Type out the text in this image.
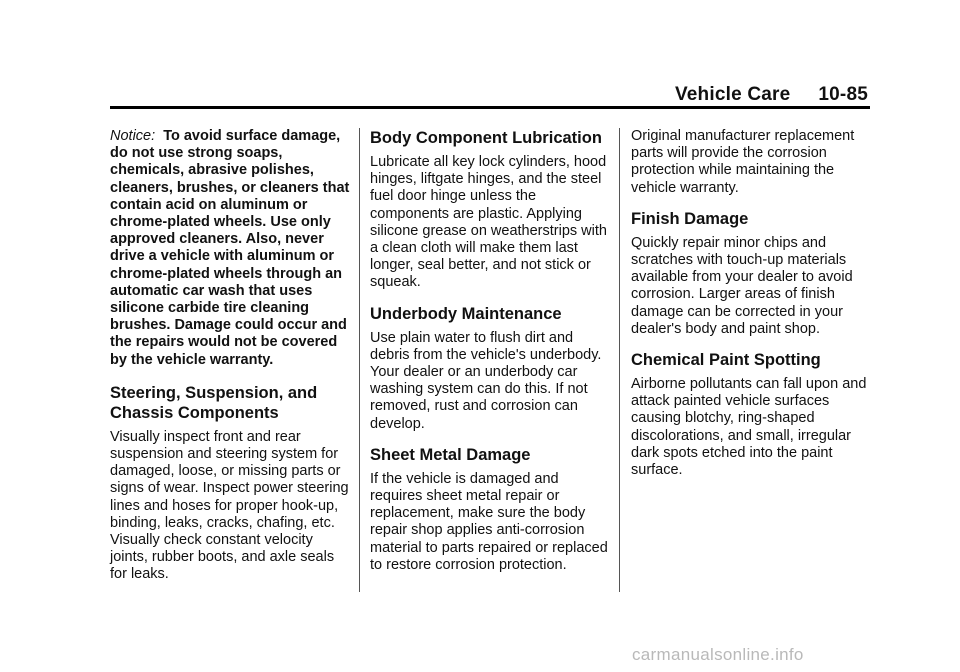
Vehicle Care 10-85

Notice: To avoid surface damage, do not use strong soaps, chemicals, abrasive polishes, cleaners, brushes, or cleaners that contain acid on aluminum or chrome-plated wheels. Use only approved cleaners. Also, never drive a vehicle with aluminum or chrome-plated wheels through an automatic car wash that uses silicone carbide tire cleaning brushes. Damage could occur and the repairs would not be covered by the vehicle warranty.

Steering, Suspension, and Chassis Components

Visually inspect front and rear suspension and steering system for damaged, loose, or missing parts or signs of wear. Inspect power steering lines and hoses for proper hook-up, binding, leaks, cracks, chafing, etc. Visually check constant velocity joints, rubber boots, and axle seals for leaks.

Body Component Lubrication

Lubricate all key lock cylinders, hood hinges, liftgate hinges, and the steel fuel door hinge unless the components are plastic. Applying silicone grease on weatherstrips with a clean cloth will make them last longer, seal better, and not stick or squeak.

Underbody Maintenance

Use plain water to flush dirt and debris from the vehicle's underbody. Your dealer or an underbody car washing system can do this. If not removed, rust and corrosion can develop.

Sheet Metal Damage

If the vehicle is damaged and requires sheet metal repair or replacement, make sure the body repair shop applies anti-corrosion material to parts repaired or replaced to restore corrosion protection.

Original manufacturer replacement parts will provide the corrosion protection while maintaining the vehicle warranty.

Finish Damage

Quickly repair minor chips and scratches with touch-up materials available from your dealer to avoid corrosion. Larger areas of finish damage can be corrected in your dealer's body and paint shop.

Chemical Paint Spotting

Airborne pollutants can fall upon and attack painted vehicle surfaces causing blotchy, ring-shaped discolorations, and small, irregular dark spots etched into the paint surface.

carmanualsonline.info
